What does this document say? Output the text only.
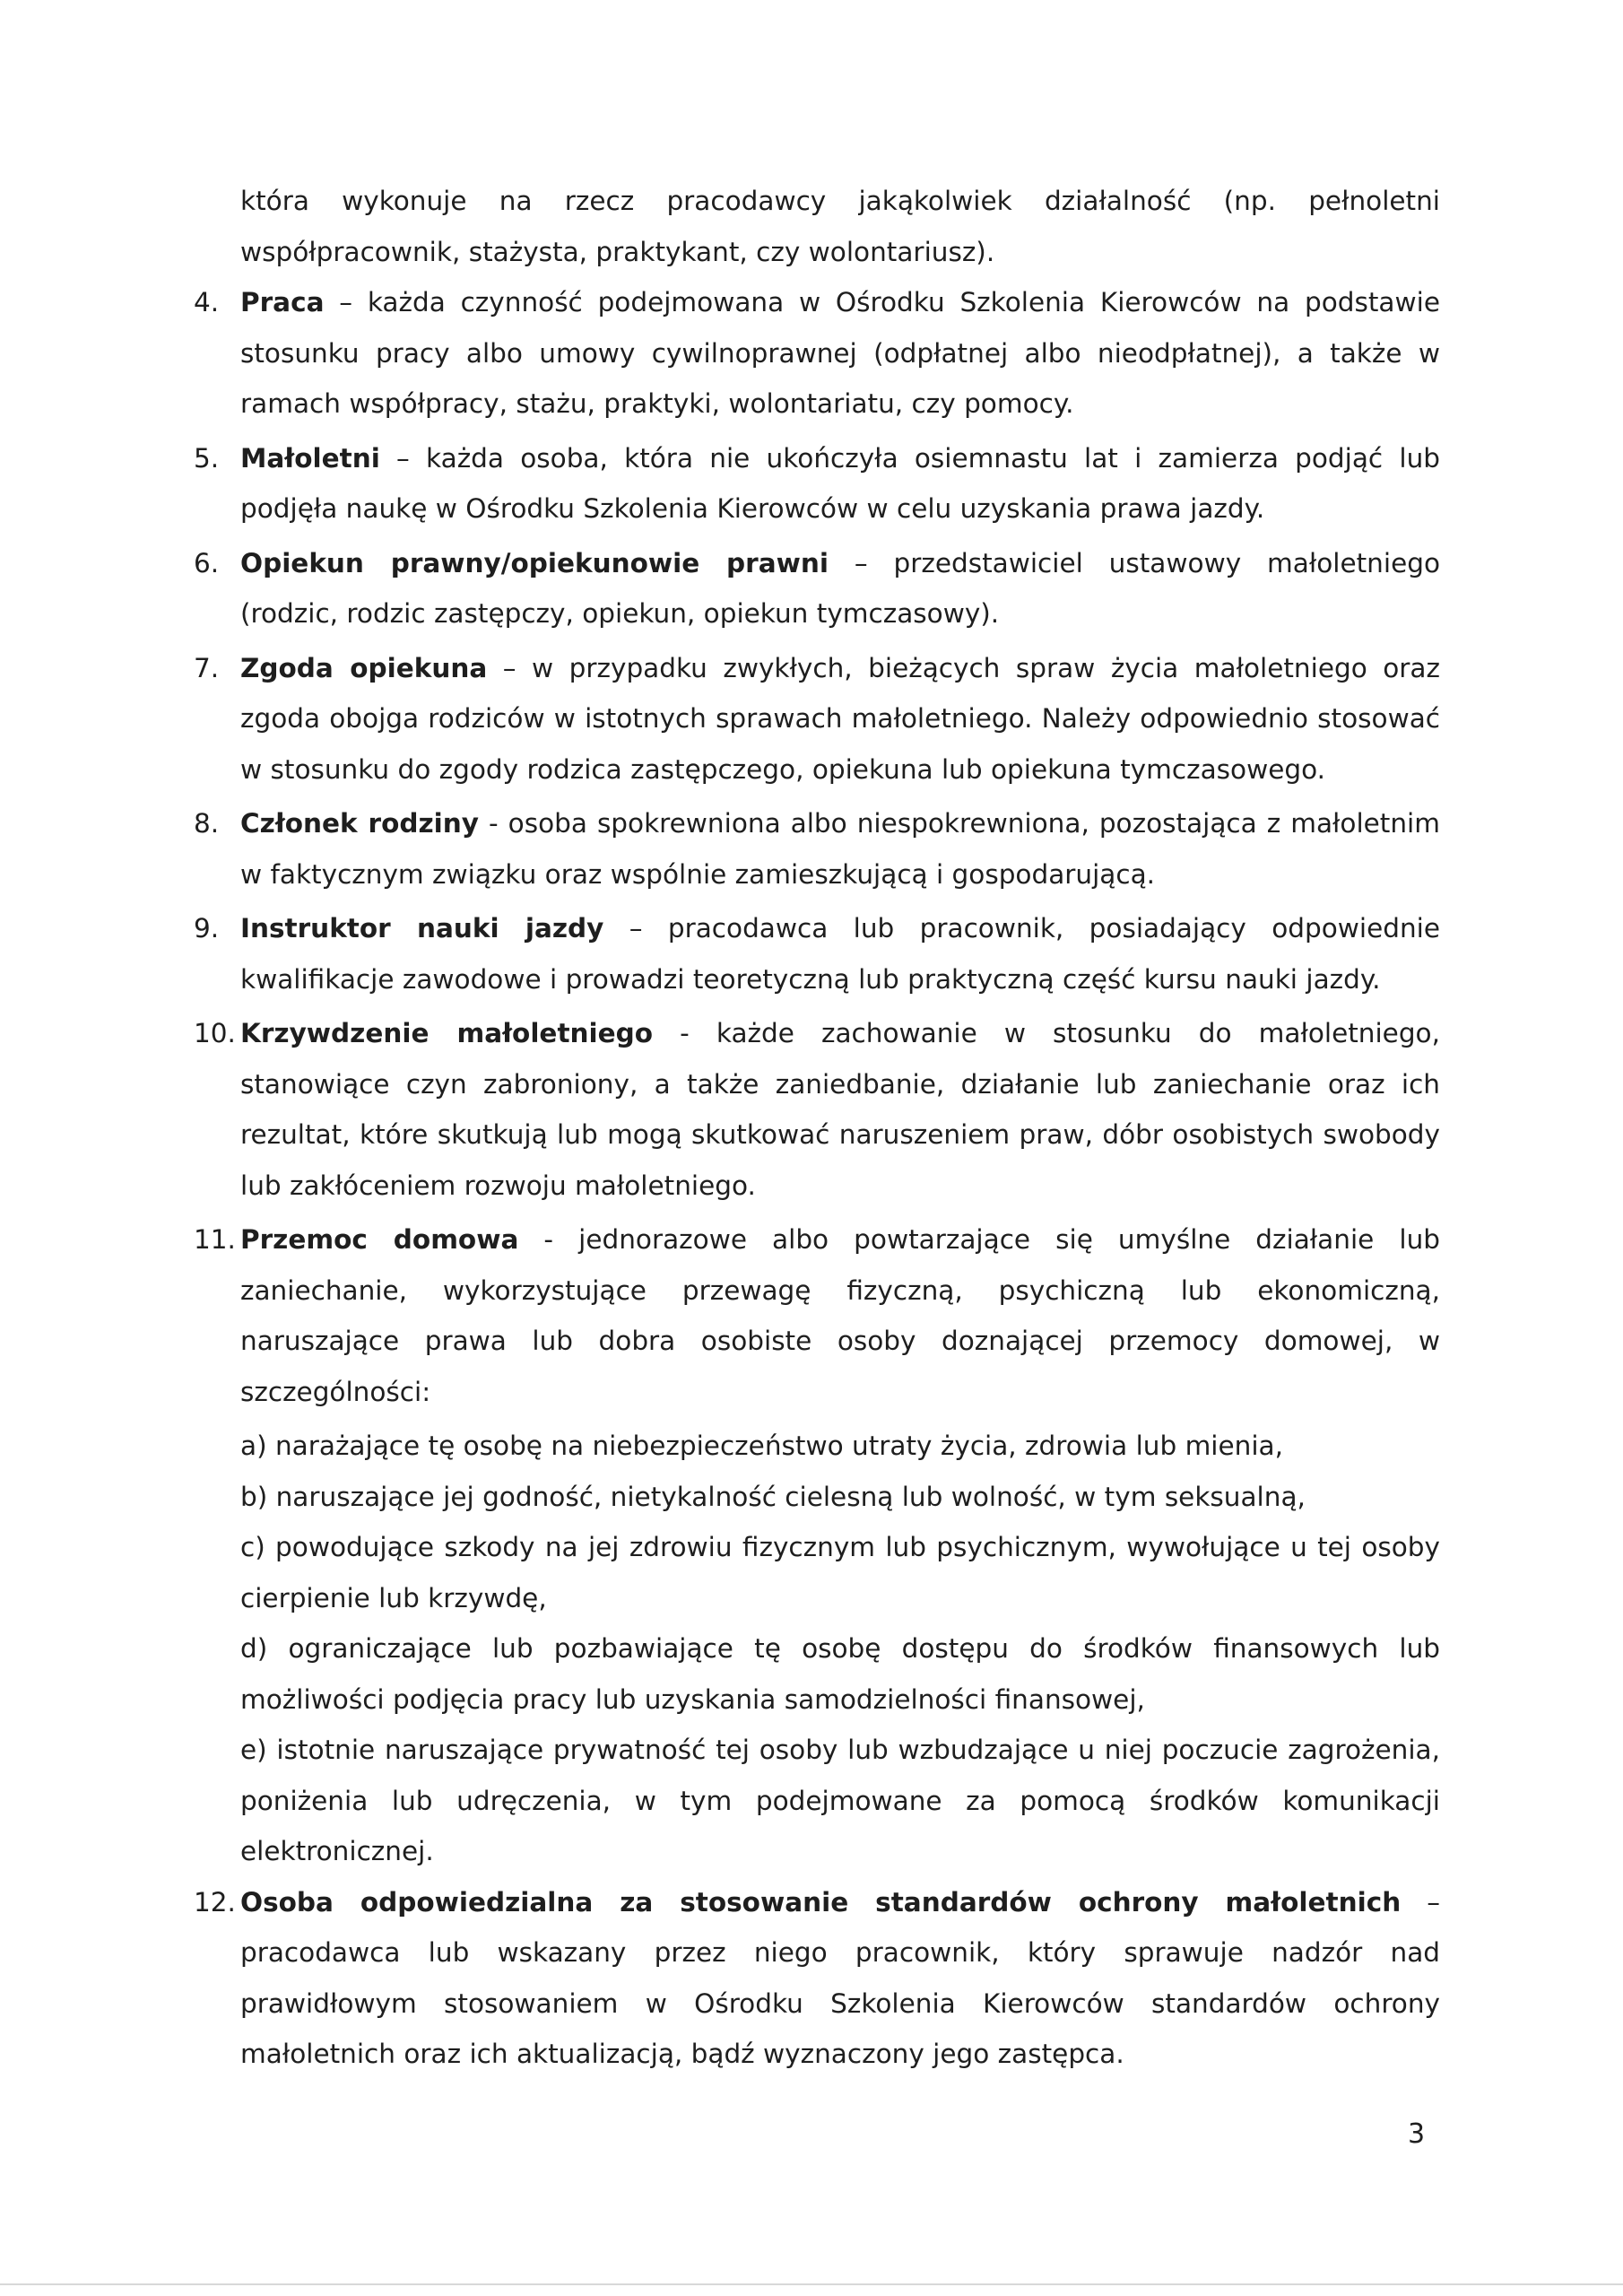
która wykonuje na rzecz pracodawcy jakąkolwiek działalność (np. pełnoletni współpracownik, stażysta, praktykant, czy wolontariusz).

4. Praca – każda czynność podejmowana w Ośrodku Szkolenia Kierowców na podstawie stosunku pracy albo umowy cywilnoprawnej (odpłatnej albo nieodpłatnej), a także w ramach współpracy, stażu, praktyki, wolontariatu, czy pomocy.
5. Małoletni – każda osoba, która nie ukończyła osiemnastu lat i zamierza podjąć lub podjęła naukę w Ośrodku Szkolenia Kierowców w celu uzyskania prawa jazdy.
6. Opiekun prawny/opiekunowie prawni – przedstawiciel ustawowy małoletniego (rodzic, rodzic zastępczy, opiekun, opiekun tymczasowy).
7. Zgoda opiekuna – w przypadku zwykłych, bieżących spraw życia małoletniego oraz zgoda obojga rodziców w istotnych sprawach małoletniego. Należy odpowiednio stosować w stosunku do zgody rodzica zastępczego, opiekuna lub opiekuna tymczasowego.
8. Członek rodziny - osoba spokrewniona albo niespokrewniona, pozostająca z małoletnim w faktycznym związku oraz wspólnie zamieszkującą i gospodarującą.
9. Instruktor nauki jazdy – pracodawca lub pracownik, posiadający odpowiednie kwalifikacje zawodowe i prowadzi teoretyczną lub praktyczną część kursu nauki jazdy.
10. Krzywdzenie małoletniego - każde zachowanie w stosunku do małoletniego, stanowiące czyn zabroniony, a także zaniedbanie, działanie lub zaniechanie oraz ich rezultat, które skutkują lub mogą skutkować naruszeniem praw, dóbr osobistych swobody lub zakłóceniem rozwoju małoletniego.
11. Przemoc domowa - jednorazowe albo powtarzające się umyślne działanie lub zaniechanie, wykorzystujące przewagę fizyczną, psychiczną lub ekonomiczną, naruszające prawa lub dobra osobiste osoby doznającej przemocy domowej, w szczególności:

a) narażające tę osobę na niebezpieczeństwo utraty życia, zdrowia lub mienia,

b) naruszające jej godność, nietykalność cielesną lub wolność, w tym seksualną,

c) powodujące szkody na jej zdrowiu fizycznym lub psychicznym, wywołujące u tej osoby cierpienie lub krzywdę,

d) ograniczające lub pozbawiające tę osobę dostępu do środków finansowych lub możliwości podjęcia pracy lub uzyskania samodzielności finansowej,

e) istotnie naruszające prywatność tej osoby lub wzbudzające u niej poczucie zagrożenia, poniżenia lub udręczenia, w tym podejmowane za pomocą środków komunikacji elektronicznej.

12. Osoba odpowiedzialna za stosowanie standardów ochrony małoletnich – pracodawca lub wskazany przez niego pracownik, który sprawuje nadzór nad prawidłowym stosowaniem w Ośrodku Szkolenia Kierowców standardów ochrony małoletnich oraz ich aktualizacją, bądź wyznaczony jego zastępca.
3
